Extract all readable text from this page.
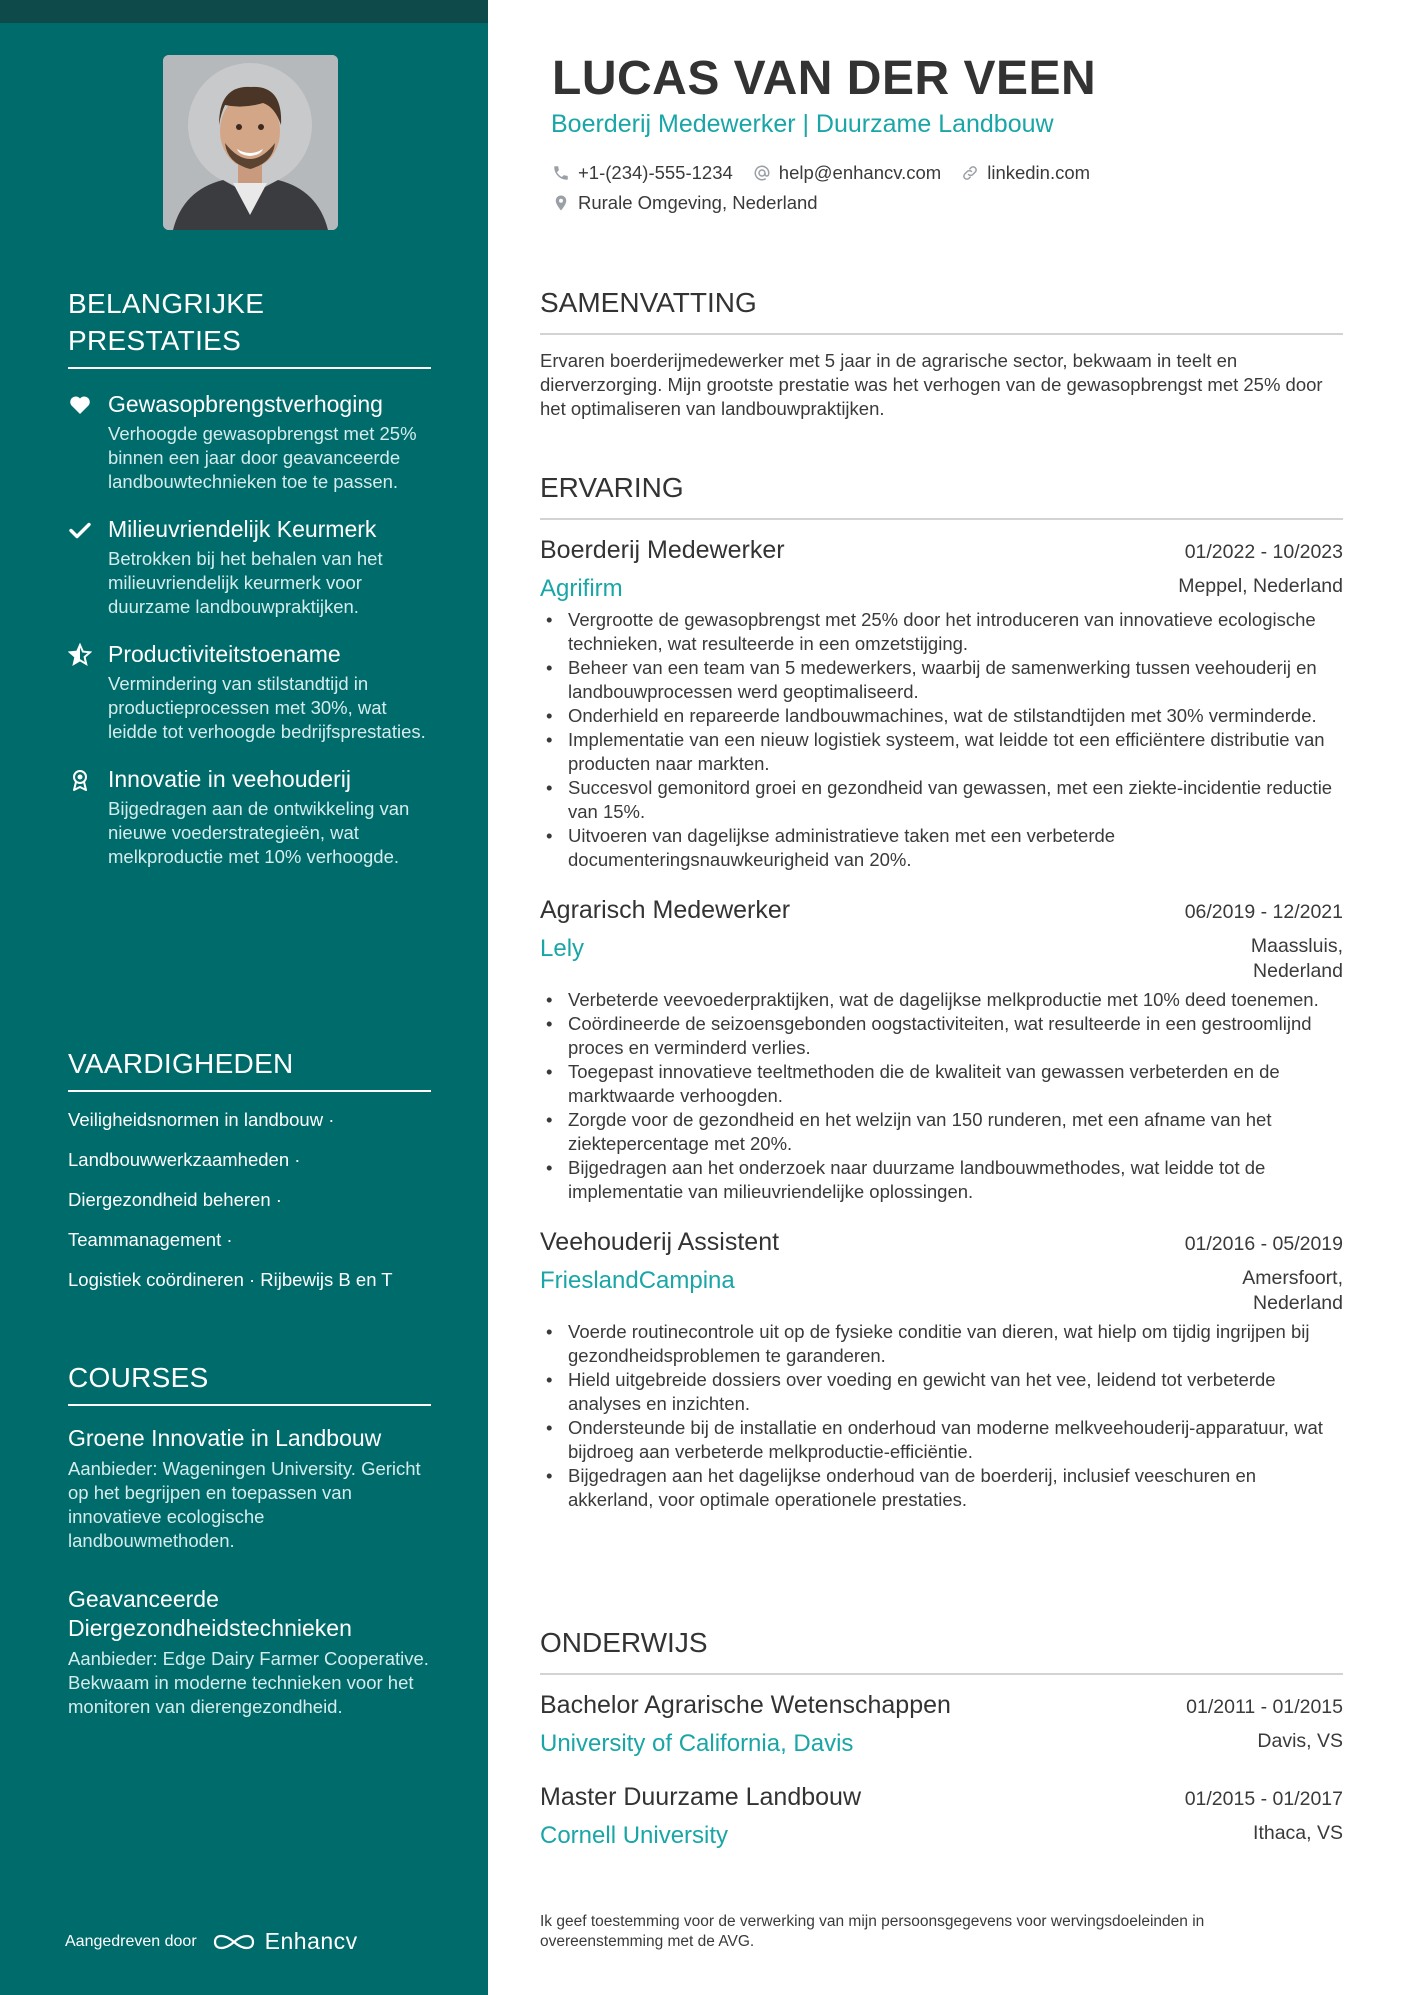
BELANGRIJKE PRESTATIES
Gewasopbrengstverhoging
Verhoogde gewasopbrengst met 25% binnen een jaar door geavanceerde landbouwtechnieken toe te passen.
Milieuvriendelijk Keurmerk
Betrokken bij het behalen van het milieuvriendelijk keurmerk voor duurzame landbouwpraktijken.
Productiviteitstoename
Vermindering van stilstandtijd in productieprocessen met 30%, wat leidde tot verhoogde bedrijfsprestaties.
Innovatie in veehouderij
Bijgedragen aan de ontwikkeling van nieuwe voederstrategieën, wat melkproductie met 10% verhoogde.
VAARDIGHEDEN
Veiligheidsnormen in landbouw ·
Landbouwwerkzaamheden ·
Diergezondheid beheren ·
Teammanagement ·
Logistiek coördineren · Rijbewijs B en T
COURSES
Groene Innovatie in Landbouw
Aanbieder: Wageningen University. Gericht op het begrijpen en toepassen van innovatieve ecologische landbouwmethoden.
Geavanceerde Diergezondheidstechnieken
Aanbieder: Edge Dairy Farmer Cooperative. Bekwaam in moderne technieken voor het monitoren van dierengezondheid.
Aangedreven door	Enhancv
LUCAS VAN DER VEEN
Boerderij Medewerker | Duurzame Landbouw
+1-(234)-555-1234 help@enhancv.com linkedin.com
Rurale Omgeving, Nederland
SAMENVATTING
Ervaren boerderijmedewerker met 5 jaar in de agrarische sector, bekwaam in teelt en dierverzorging. Mijn grootste prestatie was het verhogen van de gewasopbrengst met 25% door het optimaliseren van landbouwpraktijken.
ERVARING
Boerderij Medewerker	01/2022 - 10/2023
Agrifirm	Meppel, Nederland
• Vergrootte de gewasopbrengst met 25% door het introduceren van innovatieve ecologische technieken, wat resulteerde in een omzetstijging.
• Beheer van een team van 5 medewerkers, waarbij de samenwerking tussen veehouderij en landbouwprocessen werd geoptimaliseerd.
• Onderhield en repareerde landbouwmachines, wat de stilstandtijden met 30% verminderde.
• Implementatie van een nieuw logistiek systeem, wat leidde tot een efficiëntere distributie van producten naar markten.
• Succesvol gemonitord groei en gezondheid van gewassen, met een ziekte-incidentie reductie van 15%.
• Uitvoeren van dagelijkse administratieve taken met een verbeterde documenteringsnauwkeurigheid van 20%.
Agrarisch Medewerker	06/2019 - 12/2021
Lely	Maassluis,
Nederland
• Verbeterde veevoederpraktijken, wat de dagelijkse melkproductie met 10% deed toenemen.
• Coördineerde de seizoensgebonden oogstactiviteiten, wat resulteerde in een gestroomlijnd proces en verminderd verlies.
• Toegepast innovatieve teeltmethoden die de kwaliteit van gewassen verbeterden en de marktwaarde verhoogden.
• Zorgde voor de gezondheid en het welzijn van 150 runderen, met een afname van het ziektepercentage met 20%.
• Bijgedragen aan het onderzoek naar duurzame landbouwmethodes, wat leidde tot de implementatie van milieuvriendelijke oplossingen.
Veehouderij Assistent	01/2016 - 05/2019
FrieslandCampina	Amersfoort,
Nederland
• Voerde routinecontrole uit op de fysieke conditie van dieren, wat hielp om tijdig ingrijpen bij gezondheidsproblemen te garanderen.
• Hield uitgebreide dossiers over voeding en gewicht van het vee, leidend tot verbeterde analyses en inzichten.
• Ondersteunde bij de installatie en onderhoud van moderne melkveehouderij-apparatuur, wat bijdroeg aan verbeterde melkproductie-efficiëntie.
• Bijgedragen aan het dagelijkse onderhoud van de boerderij, inclusief veeschuren en akkerland, voor optimale operationele prestaties.
ONDERWIJS
Bachelor Agrarische Wetenschappen	01/2011 - 01/2015
University of California, Davis	Davis, VS
Master Duurzame Landbouw	01/2015 - 01/2017
Cornell University	Ithaca, VS
Ik geef toestemming voor de verwerking van mijn persoonsgegevens voor wervingsdoeleinden in overeenstemming met de AVG.
